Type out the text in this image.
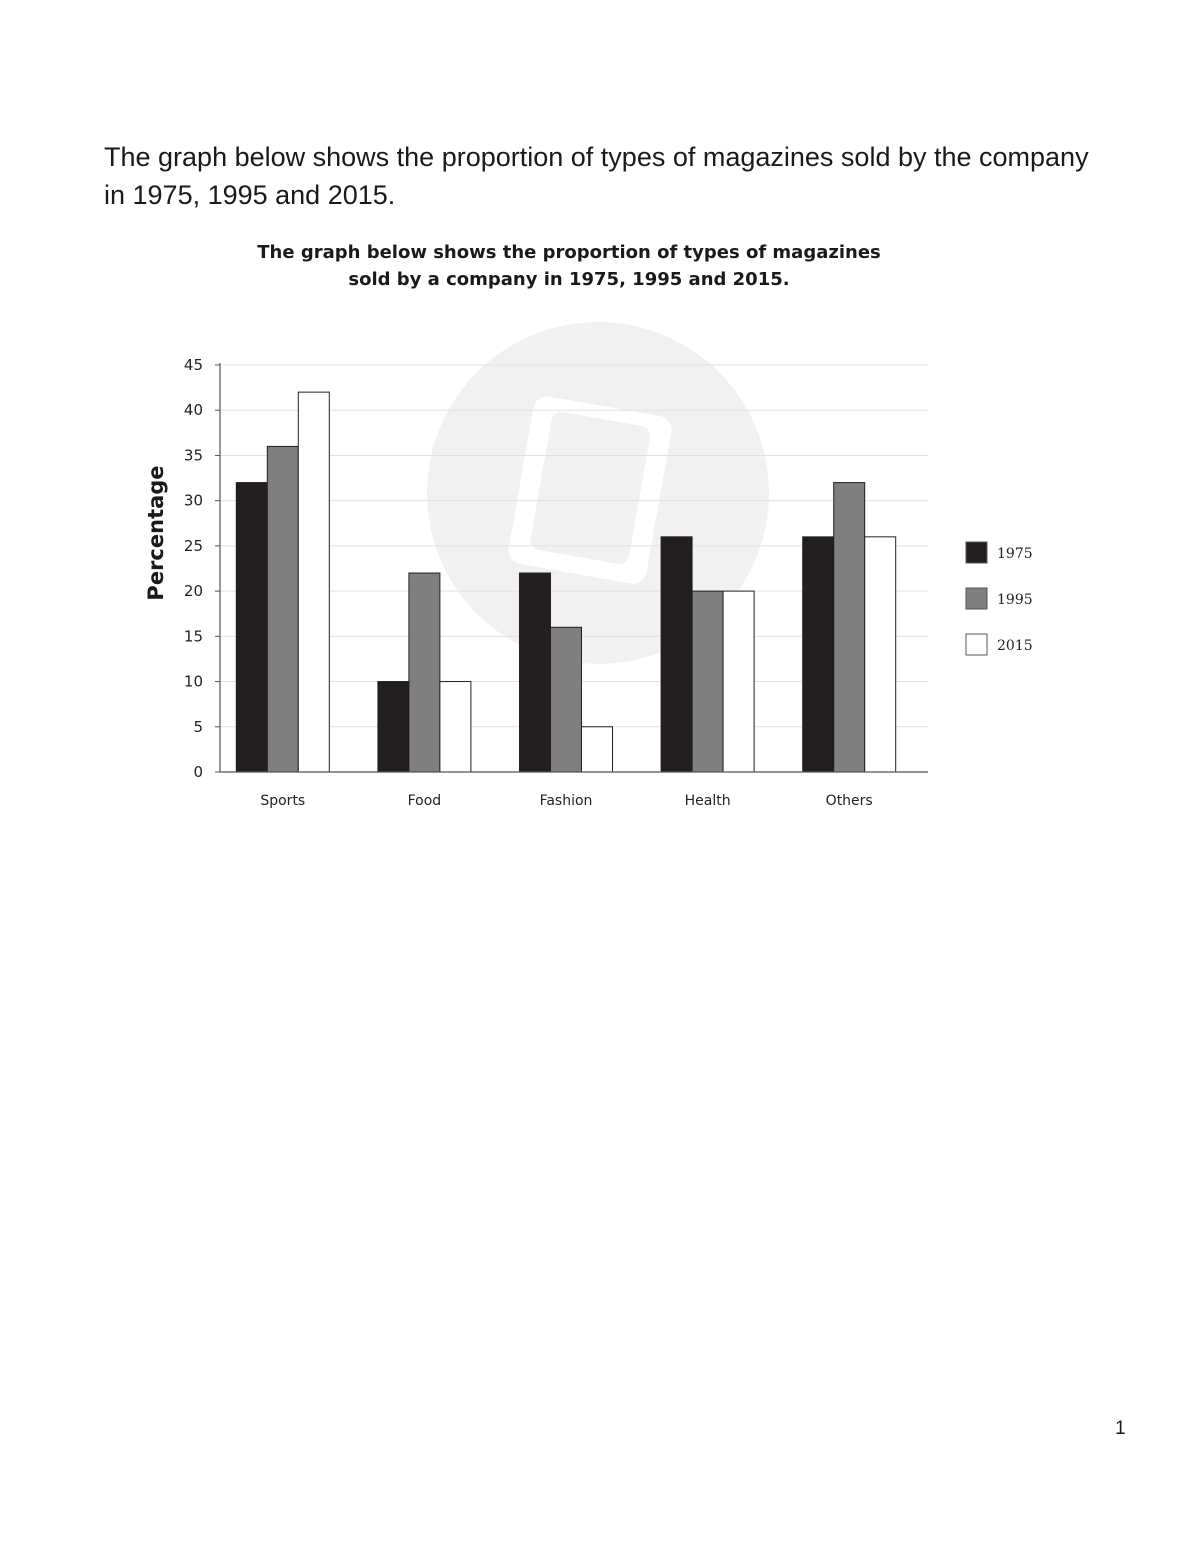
The graph below shows the proportion of types of magazines sold by the company in 1975, 1995 and 2015.

The graph below shows the proportion of types of magazines
sold by a company in 1975, 1995 and 2015.
0
5
10
15
20
25
30
35
40
45
Percentage
Sports	Food	Fashion	Health	Others
1975
1995
2015
1
